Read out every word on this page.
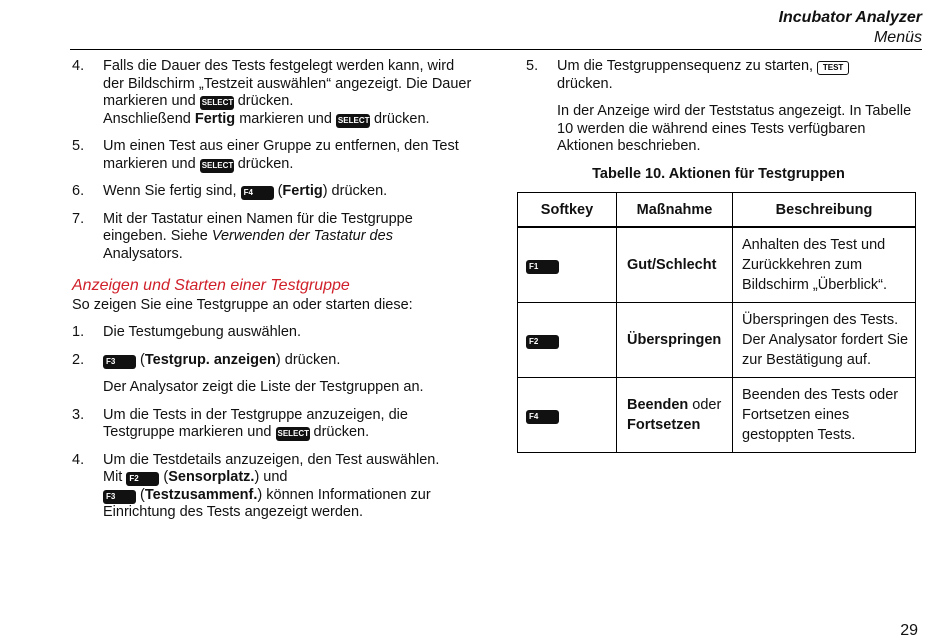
Incubator Analyzer
Menüs
4. Falls die Dauer des Tests festgelegt werden kann, wird der Bildschirm „Testzeit auswählen“ angezeigt. Die Dauer markieren und SELECT drücken.
Anschließend Fertig markieren und SELECT drücken.
5. Um einen Test aus einer Gruppe zu entfernen, den Test markieren und SELECT drücken.
6. Wenn Sie fertig sind, F4 (Fertig) drücken.
7. Mit der Tastatur einen Namen für die Testgruppe eingeben. Siehe Verwenden der Tastatur des Analysators.
Anzeigen und Starten einer Testgruppe
So zeigen Sie eine Testgruppe an oder starten diese:
1. Die Testumgebung auswählen.
2.	F3 (Testgrup. anzeigen) drücken.
Der Analysator zeigt die Liste der Testgruppen an.
3. Um die Tests in der Testgruppe anzuzeigen, die Testgruppe markieren und SELECT drücken.
4. Um die Testdetails anzuzeigen, den Test auswählen.
Mit F2 (Sensorplatz.) und
F3 (Testzusammenf.) können Informationen zur Einrichtung des Tests angezeigt werden.
5. Um die Testgruppensequenz zu starten, TEST
drücken.
In der Anzeige wird der Teststatus angezeigt. In Tabelle 10 werden die während eines Tests verfügbaren Aktionen beschrieben.
Tabelle 10. Aktionen für Testgruppen
Softkey	Maßnahme	Beschreibung
F1	Gut/Schlecht	Anhalten des Test und Zurückkehren zum Bildschirm „Überblick“.
F2	Überspringen	Überspringen des Tests. Der Analysator fordert Sie zur Bestätigung auf.
F4	Beenden oder
Fortsetzen	Beenden des Tests oder Fortsetzen eines gestoppten Tests.
29
